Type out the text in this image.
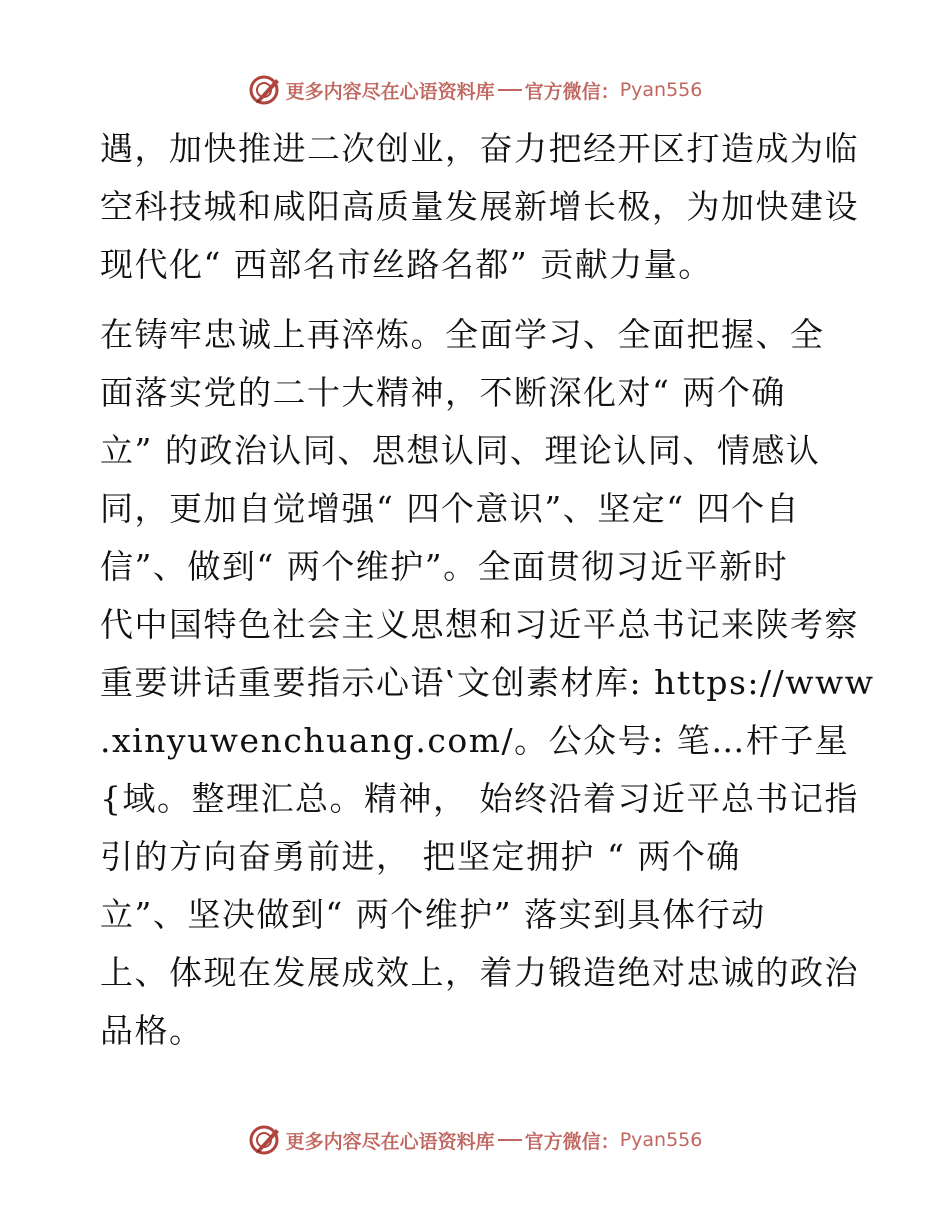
更多内容尽在心语资料库 官方微信： Pyan556
遇，加快推进二次创业，奋力把经开区打造成为临
空科技城和咸阳高质量发展新增长极，为加快建设
现代化“ 西部名市丝路名都” 贡献力量。
在铸牢忠诚上再淬炼。全面学习、全面把握、全
面落实党的二十大精神，不断深化对“ 两个确
立” 的政治认同、思想认同、理论认同、情感认
同，更加自觉增强“ 四个意识”、坚定“ 四个自
信”、做到“ 两个维护”。全面贯彻习近平新时
代中国特色社会主义思想和习近平总书记来陕考察
重要讲话重要指示心语‛文创素材库: https://www
.xinyuwenchuang.com/。公众号: 笔…杆子星
{域。整理汇总。精神， 始终沿着习近平总书记指
引的方向奋勇前进， 把坚定拥护 “ 两个确
立”、坚决做到“ 两个维护” 落实到具体行动
上、体现在发展成效上，着力锻造绝对忠诚的政治
品格。
更多内容尽在心语资料库 官方微信： Pyan556
